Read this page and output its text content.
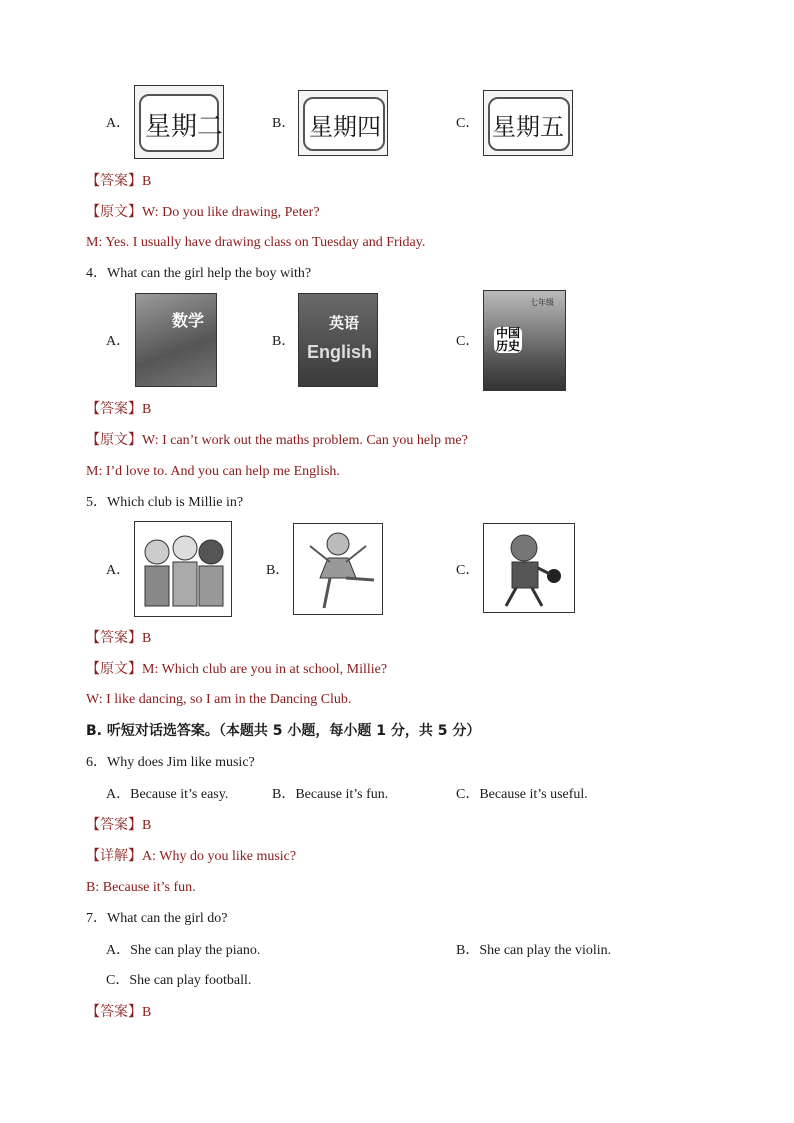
A． 星期二	B． 星期四	C． 星期五
【答案】B
【原文】W: Do you like drawing, Peter?
M: Yes. I usually have drawing class on Tuesday and Friday.
4．What can the girl help the boy with?
A．
数学
B．
英语
English
C．
七年级
中国历史
【答案】B
【原文】W: I can’t work out the maths problem. Can you help me?
M: I’d love to. And you can help me English.
5．Which club is Millie in?
A．	B．	C．
【答案】B
【原文】M: Which club are you in at school, Millie?
W: I like dancing, so I am in the Dancing Club.
B. 听短对话选答案。（本题共 5 小题，每小题 1 分，共 5 分）
6．Why does Jim like music?
A．Because it’s easy.	B．Because it’s fun.	C．Because it’s useful.
【答案】B
【详解】A: Why do you like music?
B: Because it’s fun.
7．What can the girl do?
A．She can play the piano.	B．She can play the violin.
C．She can play football.
【答案】B
